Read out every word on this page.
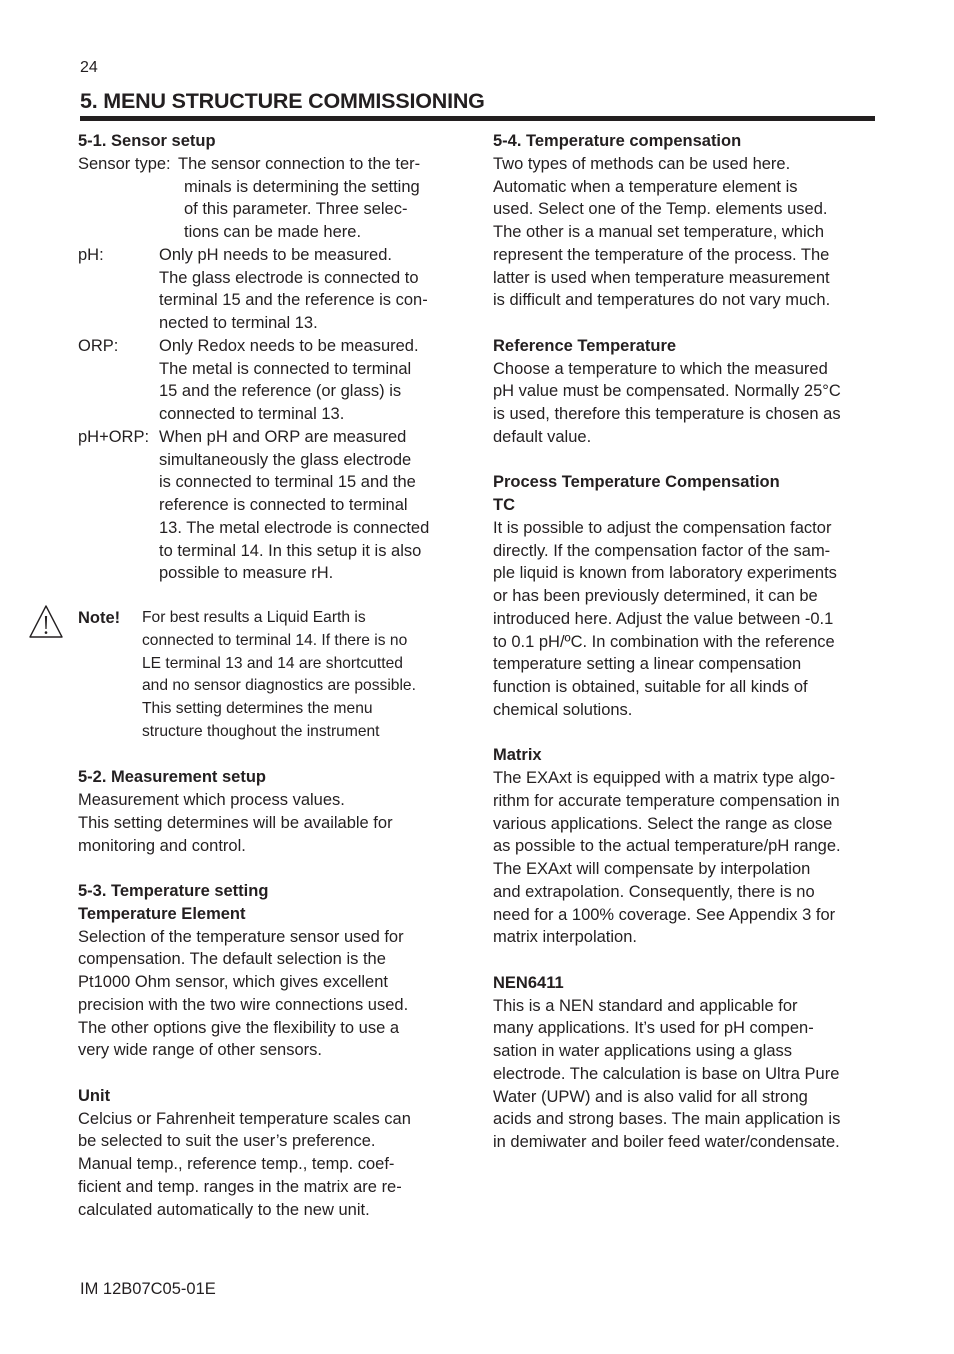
24
5. MENU STRUCTURE COMMISSIONING
5-1. Sensor setup
Sensor type: The sensor connection to the ter-
minals is determining the setting
of this parameter. Three selec-
tions can be made here.
pH:	Only pH needs to be measured.
The glass electrode is connected to
terminal 15 and the reference is con-
nected to terminal 13.
ORP:	Only Redox needs to be measured.
The metal is connected to terminal
15 and the reference (or glass) is
connected to terminal 13.
pH+ORP: When pH and ORP are measured
simultaneously the glass electrode
is connected to terminal 15 and the
reference is connected to terminal
13. The metal electrode is connected
to terminal 14. In this setup it is also
possible to measure rH.
Note!	For best results a Liquid Earth is
connected to terminal 14. If there is no
LE terminal 13 and 14 are shortcutted
and no sensor diagnostics are possible.
This setting determines the menu
structure thoughout the instrument
5-2. Measurement setup
Measurement which process values.
This setting determines will be available for
monitoring and control.
5-3. Temperature setting
Temperature Element
Selection of the temperature sensor used for
compensation. The default selection is the
Pt1000 Ohm sensor, which gives excellent
precision with the two wire connections used.
The other options give the flexibility to use a
very wide range of other sensors.
Unit
Celcius or Fahrenheit temperature scales can
be selected to suit the user’s preference.
Manual temp., reference temp., temp. coef-
ficient and temp. ranges in the matrix are re-
calculated automatically to the new unit.
5-4. Temperature compensation
Two types of methods can be used here.
Automatic when a temperature element is
used. Select one of the Temp. elements used.
The other is a manual set temperature, which
represent the temperature of the process. The
latter is used when temperature measurement
is difficult and temperatures do not vary much.
Reference Temperature
Choose a temperature to which the measured
pH value must be compensated. Normally 25°C
is used, therefore this temperature is chosen as
default value.
Process Temperature Compensation
TC
It is possible to adjust the compensation factor
directly. If the compensation factor of the sam-
ple liquid is known from laboratory experiments
or has been previously determined, it can be
introduced here. Adjust the value between -0.1
to 0.1 pH/ºC. In combination with the reference
temperature setting a linear compensation
function is obtained, suitable for all kinds of
chemical solutions.
Matrix
The EXAxt is equipped with a matrix type algo-
rithm for accurate temperature compensation in
various applications. Select the range as close
as possible to the actual temperature/pH range.
The EXAxt will compensate by interpolation
and extrapolation. Consequently, there is no
need for a 100% coverage. See Appendix 3 for
matrix interpolation.
NEN6411
This is a NEN standard and applicable for
many applications. It’s used for pH compen-
sation in water applications using a glass
electrode. The calculation is base on Ultra Pure
Water (UPW) and is also valid for all strong
acids and strong bases. The main application is
in demiwater and boiler feed water/condensate.
IM 12B07C05-01E
